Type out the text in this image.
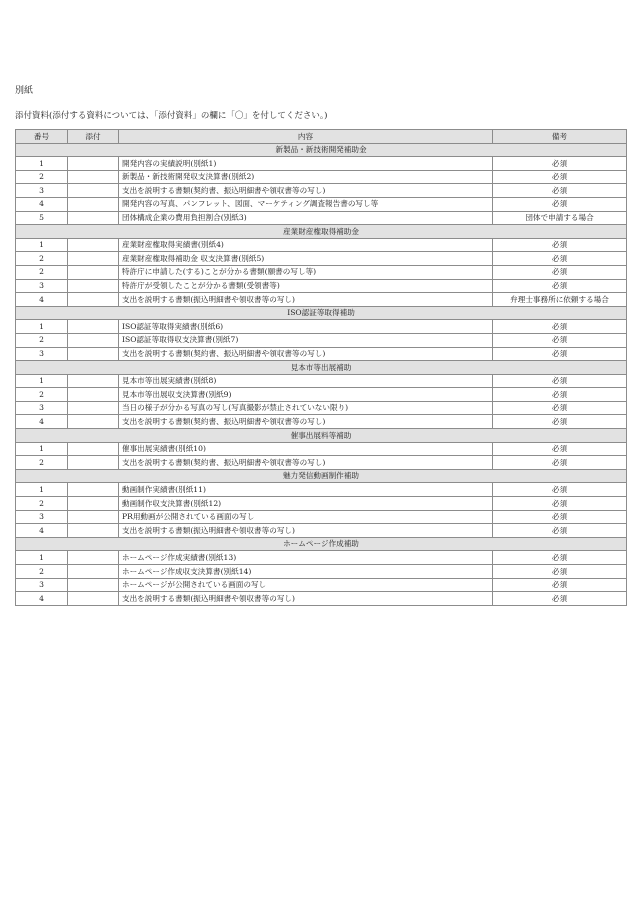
別紙
添付資料(添付する資料については、「添付資料」の欄に「〇」を付してください。)
番号	添付	内容	備考
新製品・新技術開発補助金			
1		開発内容の実績説明(別紙1)	必須
2		新製品・新技術開発収支決算書(別紙2)	必須
3		支出を説明する書類(契約書、振込明細書や領収書等の写し)	必須
4		開発内容の写真、パンフレット、図面、マーケティング調査報告書の写し等	必須
5		団体構成企業の費用負担割合(別紙3)	団体で申請する場合
産業財産権取得補助金			
1		産業財産権取得実績書(別紙4)	必須
2		産業財産権取得補助金 収支決算書(別紙5)	必須
2		特許庁に申請した(する)ことが分かる書類(願書の写し等)	必須
3		特許庁が受領したことが分かる書類(受領書等)	必須
4		支出を説明する書類(振込明細書や領収書等の写し)	弁理士事務所に依頼する場合
ISO認証等取得補助			
1		ISO認証等取得実績書(別紙6)	必須
2		ISO認証等取得収支決算書(別紙7)	必須
3		支出を説明する書類(契約書、振込明細書や領収書等の写し)	必須
見本市等出展補助			
1		見本市等出展実績書(別紙8)	必須
2		見本市等出展収支決算書(別紙9)	必須
3		当日の様子が分かる写真の写し(写真撮影が禁止されていない限り)	必須
4		支出を説明する書類(契約書、振込明細書や領収書等の写し)	必須
催事出展料等補助			
1		催事出展実績書(別紙10)	必須
2		支出を説明する書類(契約書、振込明細書や領収書等の写し)	必須
魅力発信動画制作補助			
1		動画制作実績書(別紙11)	必須
2		動画制作収支決算書(別紙12)	必須
3		PR用動画が公開されている画面の写し	必須
4		支出を説明する書類(振込明細書や領収書等の写し)	必須
ホームページ作成補助			
1		ホームページ作成実績書(別紙13)	必須
2		ホームページ作成収支決算書(別紙14)	必須
3		ホームページが公開されている画面の写し	必須
4		支出を説明する書類(振込明細書や領収書等の写し)	必須
